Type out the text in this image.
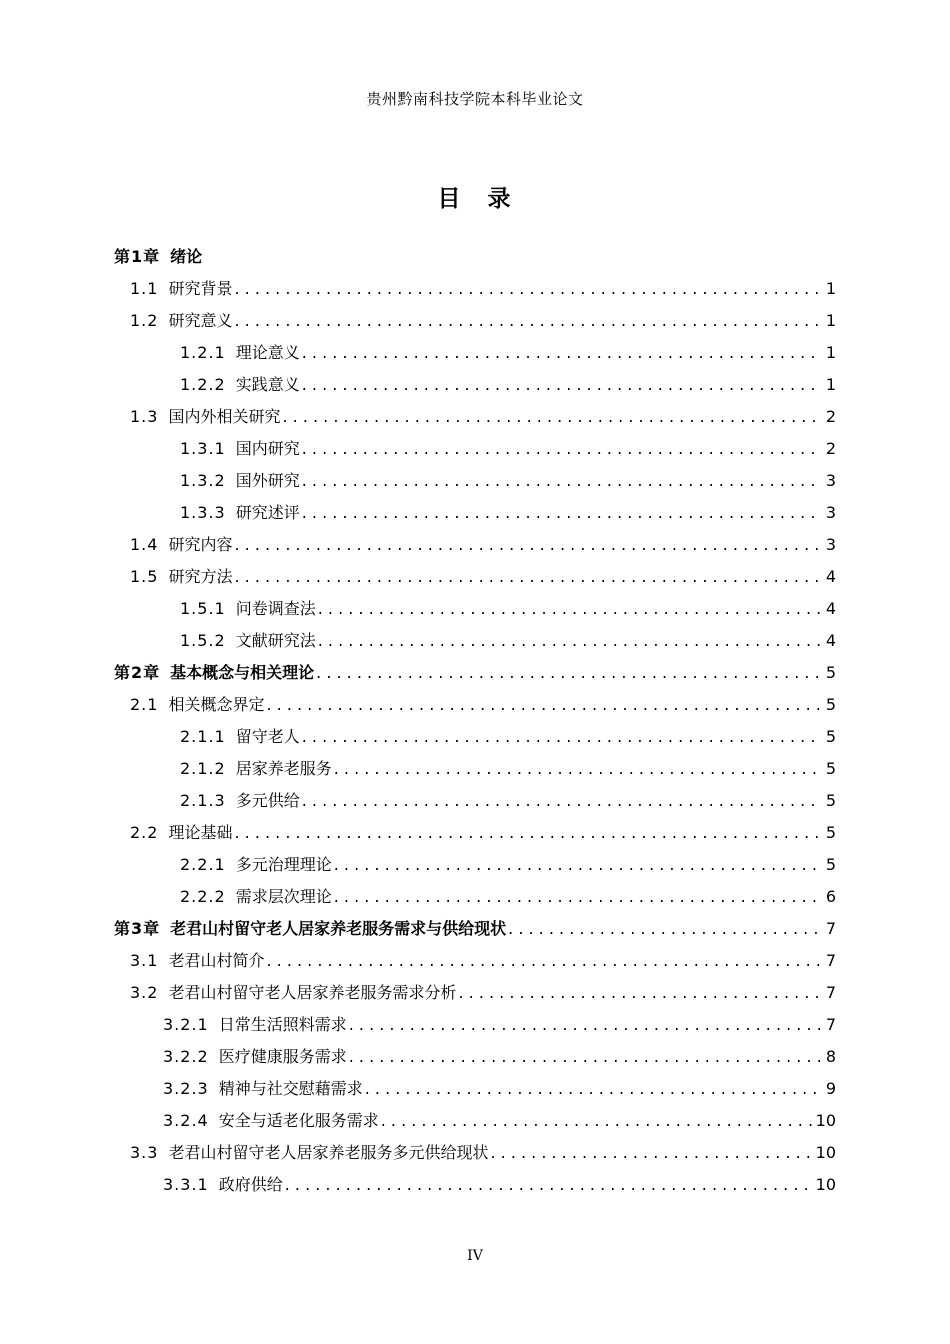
贵州黔南科技学院本科毕业论文
目　录
第1章 绪论
1.1 研究背景 . . .	1
1.2 研究意义 . . .	1
1.2.1 理论意义 . . .	1
1.2.2 实践意义 . . .	1
1.3 国内外相关研究 . . .	2
1.3.1 国内研究 . . .	2
1.3.2 国外研究 . . .	3
1.3.3 研究述评 . . .	3
1.4 研究内容 . . .	3
1.5 研究方法 . . .	4
1.5.1 问卷调查法 . . .	4
1.5.2 文献研究法 . . .	4
第2章 基本概念与相关理论 . . .	5
2.1 相关概念界定 . . .	5
2.1.1 留守老人 . . .	5
2.1.2 居家养老服务 . . .	5
2.1.3 多元供给 . . .	5
2.2 理论基础 . . .	5
2.2.1 多元治理理论 . . .	5
2.2.2 需求层次理论 . . .	6
第3章 老君山村留守老人居家养老服务需求与供给现状 . . .	7
3.1 老君山村简介 . . .	7
3.2 老君山村留守老人居家养老服务需求分析 . . .	7
3.2.1 日常生活照料需求 . . .	7
3.2.2 医疗健康服务需求 . . .	8
3.2.3 精神与社交慰藉需求 . . .	9
3.2.4 安全与适老化服务需求 . . .	10
3.3 老君山村留守老人居家养老服务多元供给现状 . . .	10
3.3.1 政府供给 . . .	10
IV
